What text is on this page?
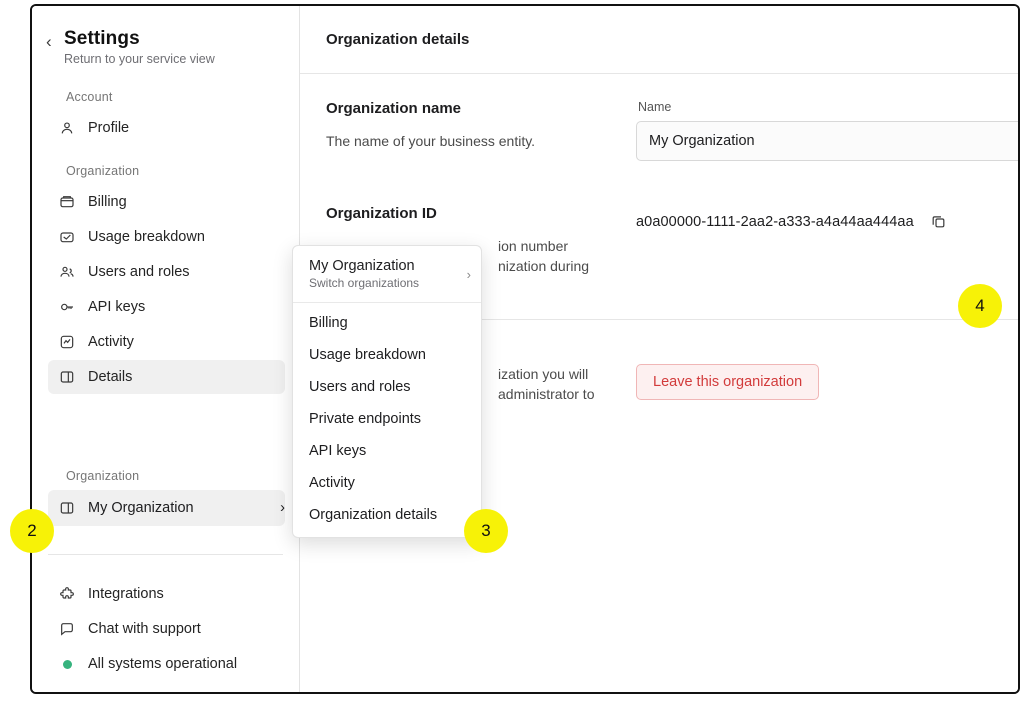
‹ Settings

Return to your service view

Account
Profile
Organization
Billing
Usage breakdown
Users and roles
API keys
Activity
Details
Organization
My Organization	›
Integrations
Chat with support
All systems operational
Organization details

Organization name

The name of your business entity.

Name

My Organization

Organization ID

ion number

nization during

a0a00000-1111-2aa2-a333-a4a44aa444aa

ization you will

administrator to

Leave this organization

My Organization

Switch organizations

›
Billing
Usage breakdown
Users and roles
Private endpoints
API keys
Activity
Organization details
2	3
4
